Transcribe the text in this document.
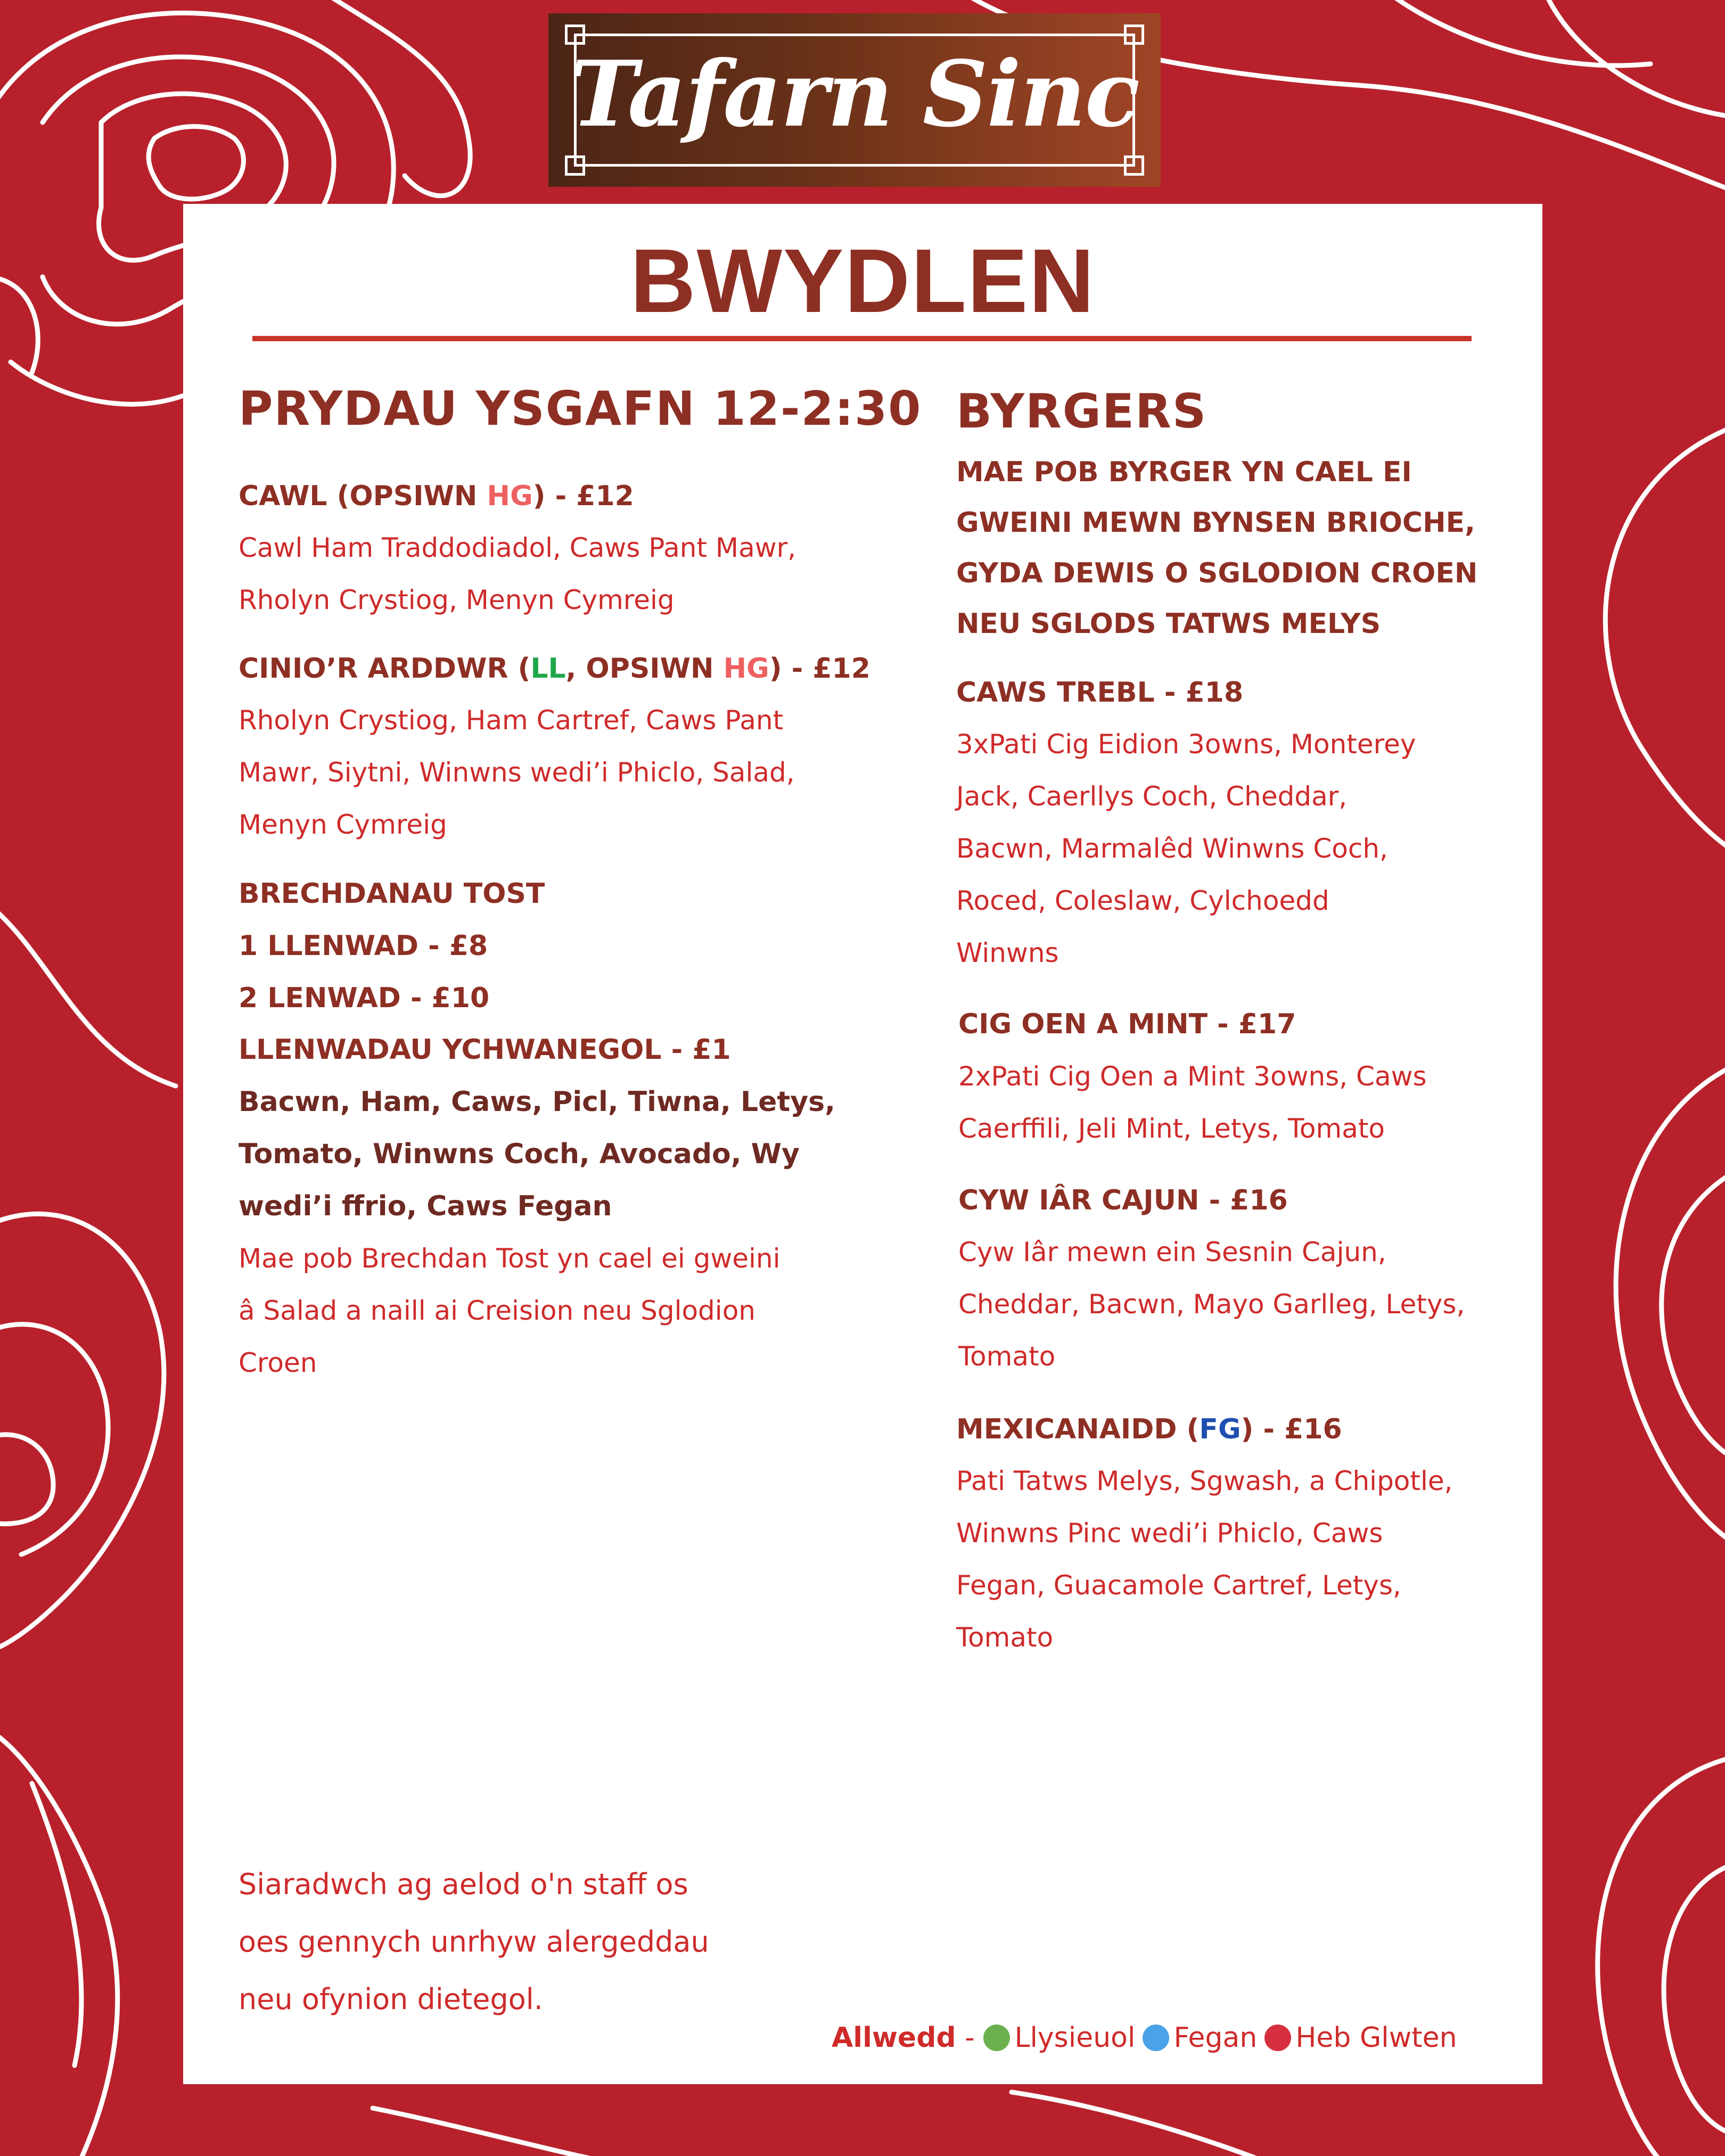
Tafarn Sinc
BWYDLEN
PRYDAU YSGAFN 12-2:30
CAWL (OPSIWN HG) - £12
Cawl Ham Traddodiadol, Caws Pant Mawr,
Rholyn Crystiog, Menyn Cymreig
CINIO’R ARDDWR (LL, OPSIWN HG) - £12
Rholyn Crystiog, Ham Cartref, Caws Pant
Mawr, Siytni, Winwns wedi’i Phiclo, Salad,
Menyn Cymreig
BRECHDANAU TOST
1 LLENWAD - £8
2 LENWAD - £10
LLENWADAU YCHWANEGOL - £1
Bacwn, Ham, Caws, Picl, Tiwna, Letys,
Tomato, Winwns Coch, Avocado, Wy
wedi’i ffrio, Caws Fegan
Mae pob Brechdan Tost yn cael ei gweini
â Salad a naill ai Creision neu Sglodion
Croen
Siaradwch ag aelod o'n staff os
oes gennych unrhyw alergeddau
neu ofynion dietegol.
BYRGERS
MAE POB BYRGER YN CAEL EI
GWEINI MEWN BYNSEN BRIOCHE,
GYDA DEWIS O SGLODION CROEN
NEU SGLODS TATWS MELYS
CAWS TREBL - £18
3xPati Cig Eidion 3owns, Monterey
Jack, Caerllys Coch, Cheddar,
Bacwn, Marmalêd Winwns Coch,
Roced, Coleslaw, Cylchoedd
Winwns
CIG OEN A MINT - £17
2xPati Cig Oen a Mint 3owns, Caws
Caerffili, Jeli Mint, Letys, Tomato
CYW IÂR CAJUN - £16
Cyw Iâr mewn ein Sesnin Cajun,
Cheddar, Bacwn, Mayo Garlleg, Letys,
Tomato
MEXICANAIDD (FG) - £16
Pati Tatws Melys, Sgwash, a Chipotle,
Winwns Pinc wedi’i Phiclo, Caws
Fegan, Guacamole Cartref, Letys,
Tomato
Allwedd - Llysieuol Fegan Heb Glwten
